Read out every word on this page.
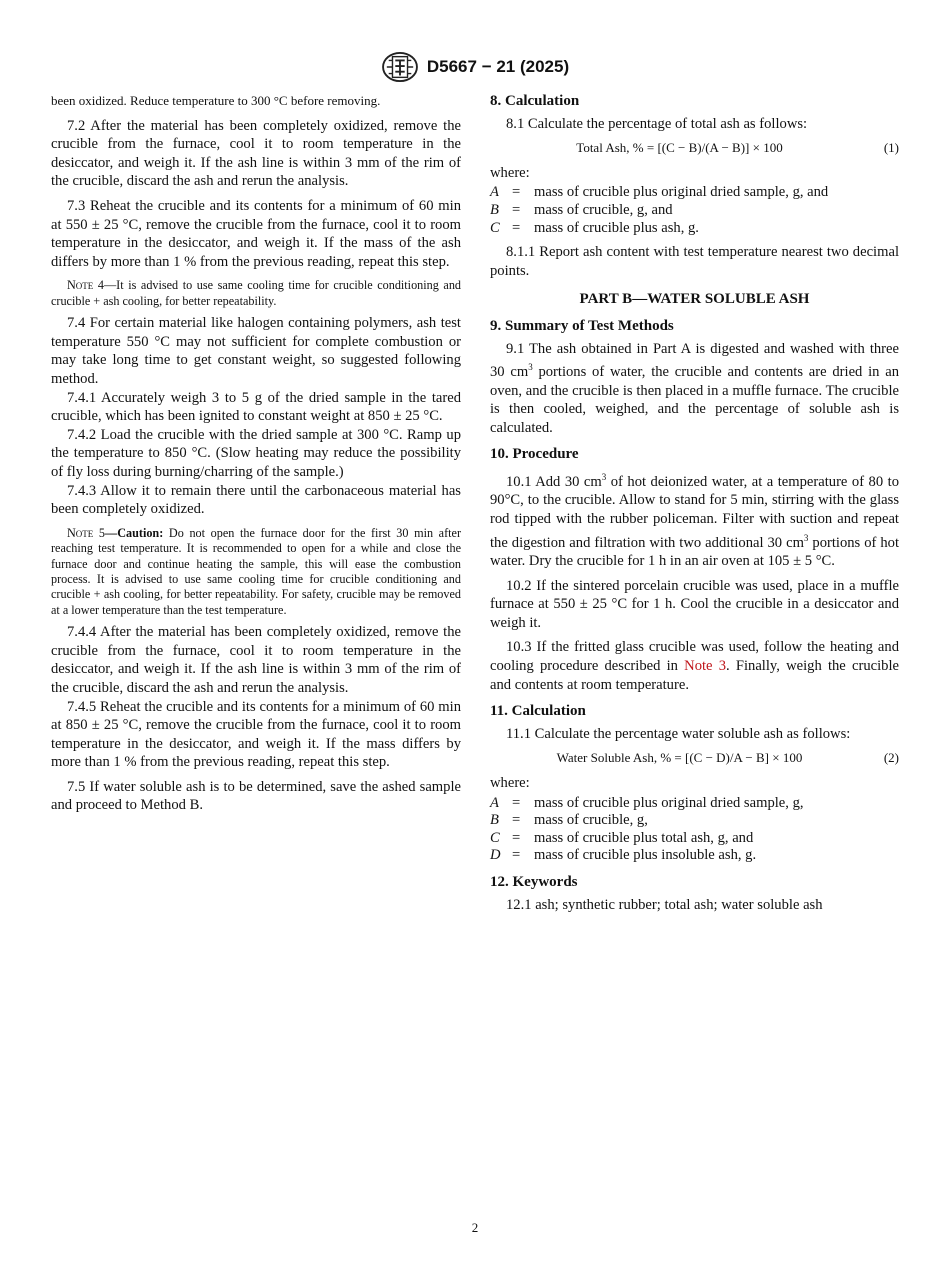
D5667 − 21 (2025)

been oxidized. Reduce temperature to 300 °C before removing.

7.2 After the material has been completely oxidized, remove the crucible from the furnace, cool it to room temperature in the desiccator, and weigh it. If the ash line is within 3 mm of the rim of the crucible, discard the ash and rerun the analysis.

7.3 Reheat the crucible and its contents for a minimum of 60 min at 550 ± 25 °C, remove the crucible from the furnace, cool it to room temperature in the desiccator, and weigh it. If the mass of the ash differs by more than 1 % from the previous reading, repeat this step.

Note 4—It is advised to use same cooling time for crucible conditioning and crucible + ash cooling, for better repeatability.

7.4 For certain material like halogen containing polymers, ash test temperature 550 °C may not sufficient for complete combustion or may take long time to get constant weight, so suggested following method.

7.4.1 Accurately weigh 3 to 5 g of the dried sample in the tared crucible, which has been ignited to constant weight at 850 ± 25 °C.

7.4.2 Load the crucible with the dried sample at 300 °C. Ramp up the temperature to 850 °C. (Slow heating may reduce the possibility of fly loss during burning/charring of the sample.)

7.4.3 Allow it to remain there until the carbonaceous material has been completely oxidized.

Note 5—Caution: Do not open the furnace door for the first 30 min after reaching test temperature. It is recommended to open for a while and close the furnace door and continue heating the sample, this will ease the combustion process. It is advised to use same cooling time for crucible conditioning and crucible + ash cooling, for better repeatability. For safety, crucible may be removed at a lower temperature than the test temperature.

7.4.4 After the material has been completely oxidized, remove the crucible from the furnace, cool it to room temperature in the desiccator, and weigh it. If the ash line is within 3 mm of the rim of the crucible, discard the ash and rerun the analysis.

7.4.5 Reheat the crucible and its contents for a minimum of 60 min at 850 ± 25 °C, remove the crucible from the furnace, cool it to room temperature in the desiccator, and weigh it. If the mass differs by more than 1 % from the previous reading, repeat this step.

7.5 If water soluble ash is to be determined, save the ashed sample and proceed to Method B.

8. Calculation

8.1 Calculate the percentage of total ash as follows:

Total Ash, % = [(C − B)/(A − B)] × 100	(1)

where:

A	=	mass of crucible plus original dried sample, g, and
B	=	mass of crucible, g, and
C	=	mass of crucible plus ash, g.

8.1.1 Report ash content with test temperature nearest two decimal points.

PART B—WATER SOLUBLE ASH
9. Summary of Test Methods

9.1 The ash obtained in Part A is digested and washed with three 30 $cm^3$ portions of water, the crucible and contents are dried in an oven, and the crucible is then placed in a muffle furnace. The crucible is then cooled, weighed, and the percentage of soluble ash is calculated.

10. Procedure

10.1 Add 30 $cm^3$ of hot deionized water, at a temperature of 80 to 90°C, to the crucible. Allow to stand for 5 min, stirring with the glass rod tipped with the rubber policeman. Filter with suction and repeat the digestion and filtration with two additional 30 $cm^3$ portions of hot water. Dry the crucible for 1 h in an air oven at 105 ± 5 °C.

10.2 If the sintered porcelain crucible was used, place in a muffle furnace at 550 ± 25 °C for 1 h. Cool the crucible in a desiccator and weigh it.

10.3 If the fritted glass crucible was used, follow the heating and cooling procedure described in Note 3. Finally, weigh the crucible and contents at room temperature.

11. Calculation

11.1 Calculate the percentage water soluble ash as follows:

Water Soluble Ash, % = [(C − D)/A − B] × 100	(2)

where:

A	=	mass of crucible plus original dried sample, g,
B	=	mass of crucible, g,
C	=	mass of crucible plus total ash, g, and
D	=	mass of crucible plus insoluble ash, g.
12. Keywords

12.1 ash; synthetic rubber; total ash; water soluble ash

2
